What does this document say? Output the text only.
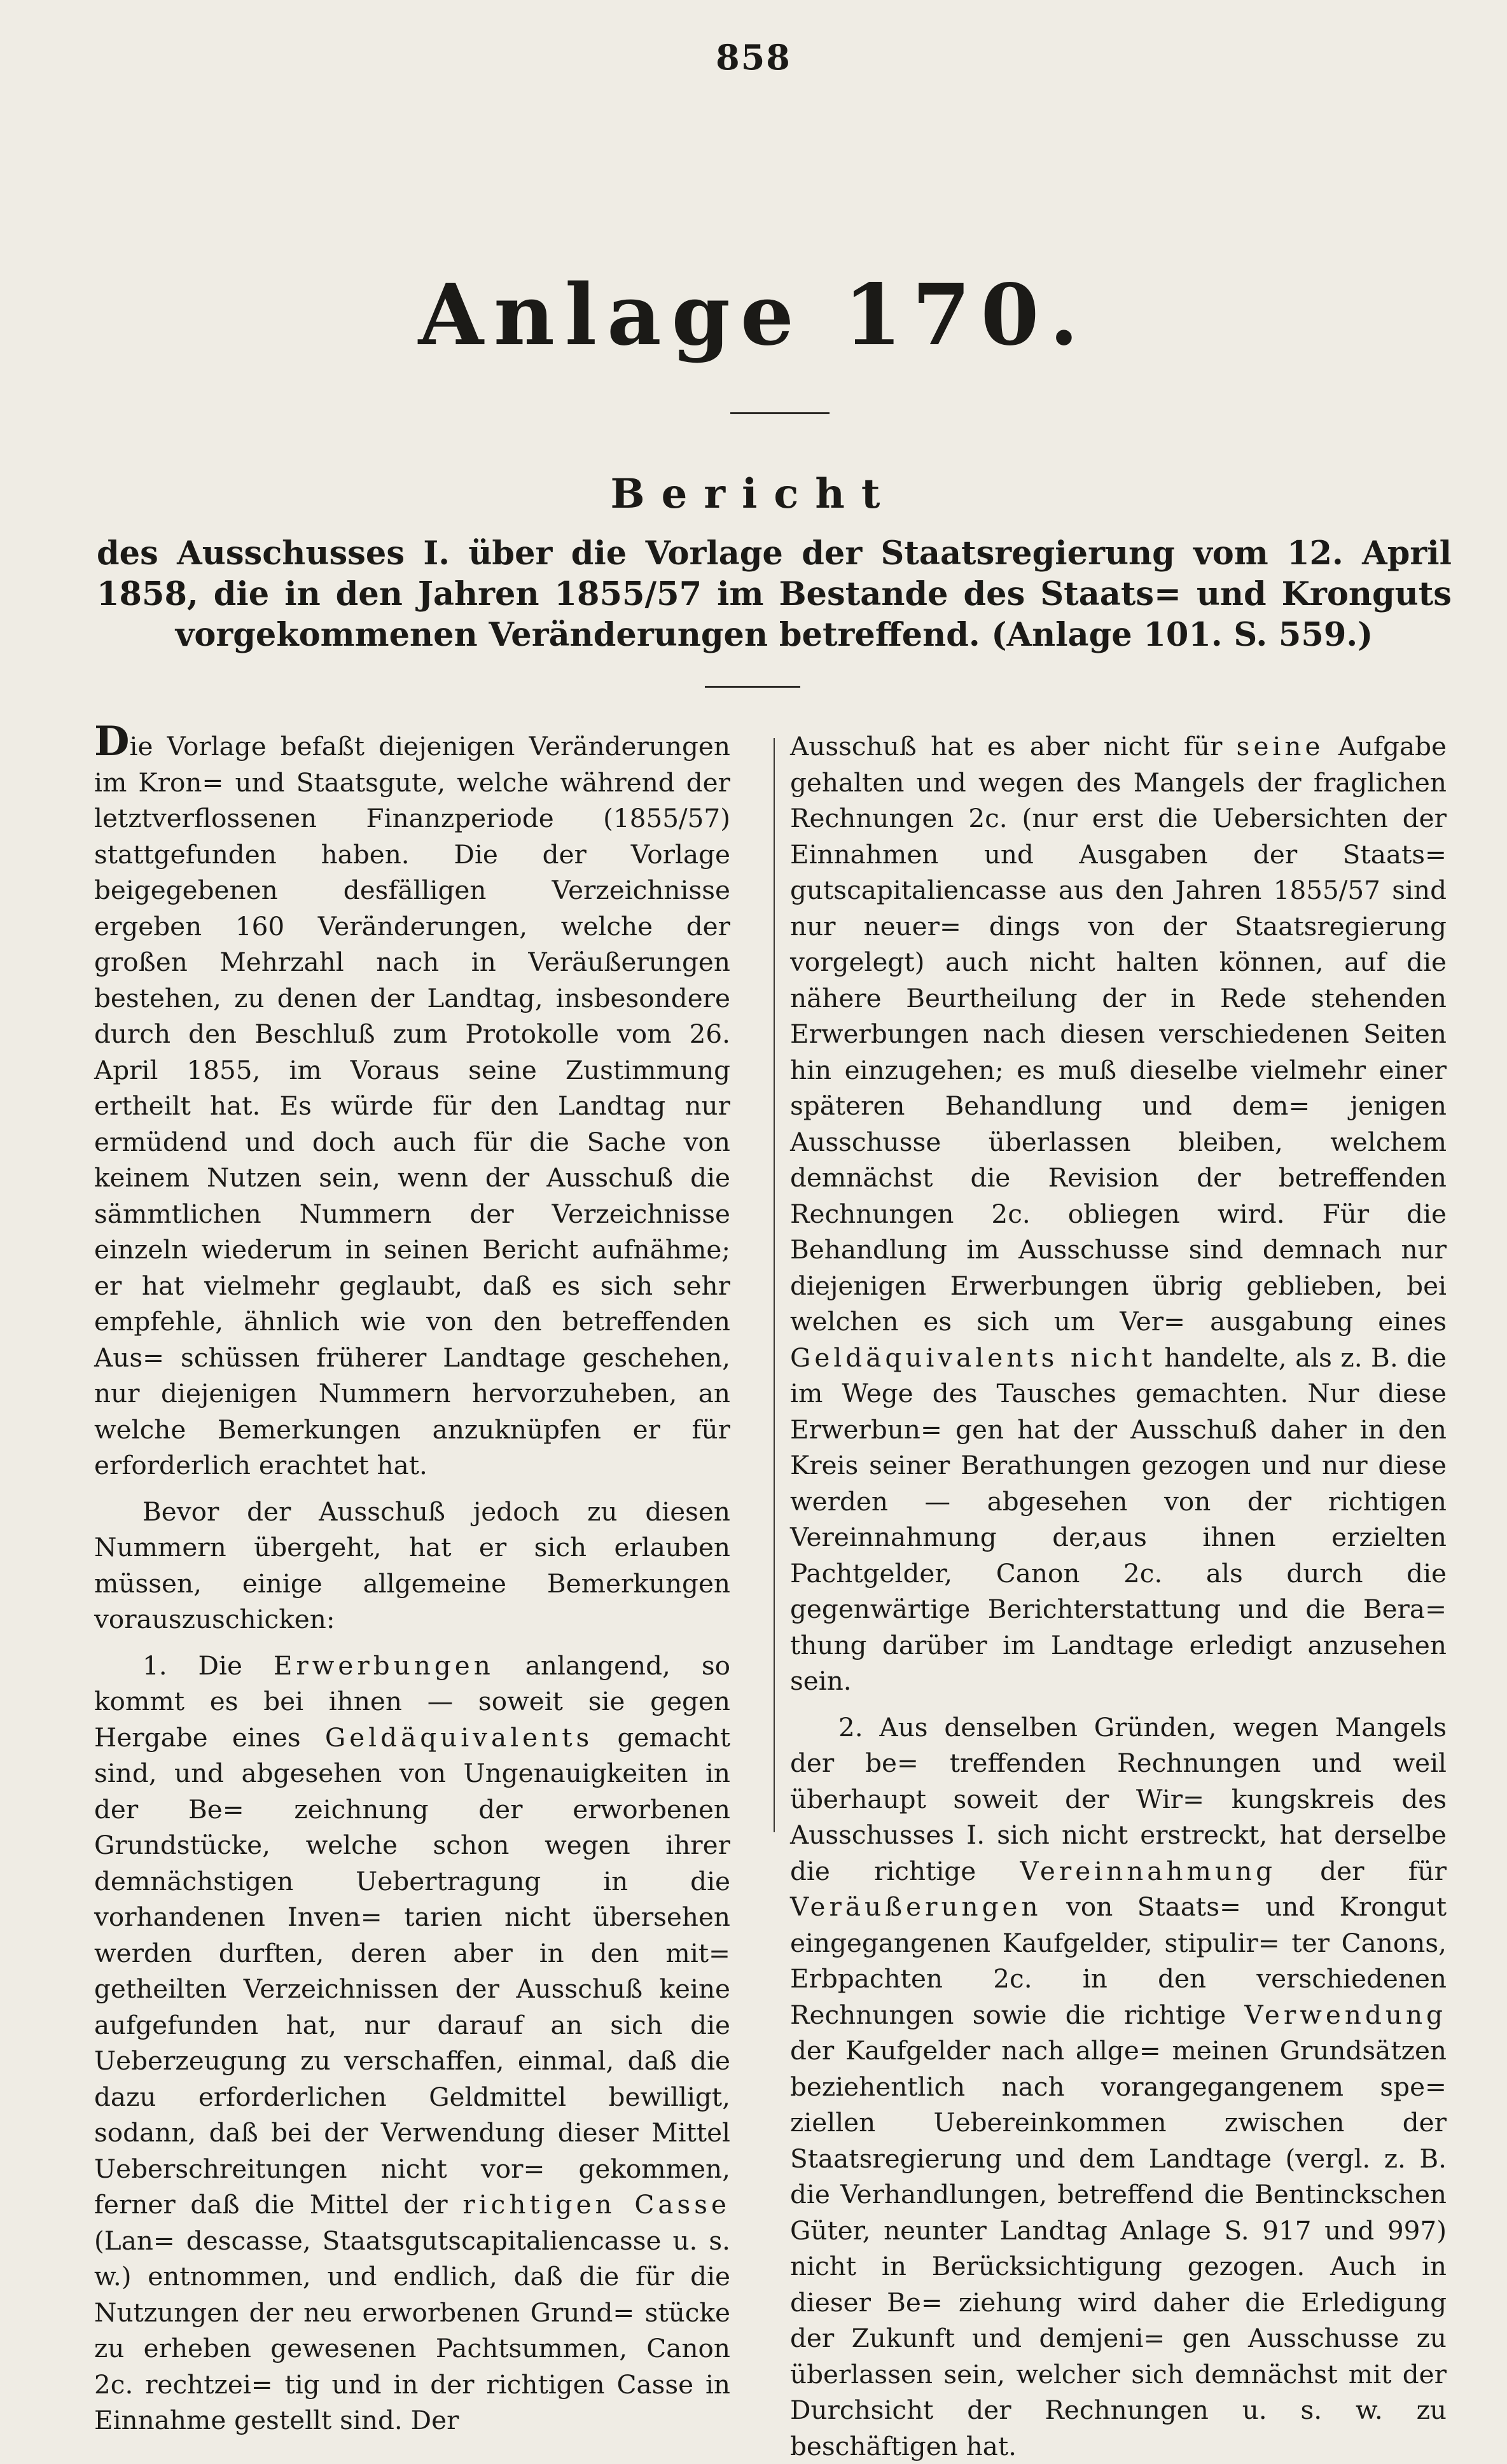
858
Anlage 170.
Bericht
des Ausschusses I. über die Vorlage der Staatsregierung vom 12. April 1858, die in den Jahren 1855/57 im Bestande des Staats= und Kronguts vorgekommenen Veränderungen betreffend. (Anlage 101. S. 559.)

Die Vorlage befaßt diejenigen Veränderungen im Kron= und Staatsgute, welche während der letztverflossenen Finanzperiode (1855/57) stattgefunden haben. Die der Vorlage beigegebenen desfälligen Verzeichnisse ergeben 160 Veränderungen, welche der großen Mehrzahl nach in Veräußerungen bestehen, zu denen der Landtag, insbesondere durch den Beschluß zum Protokolle vom 26. April 1855, im Voraus seine Zustimmung ertheilt hat. Es würde für den Landtag nur ermüdend und doch auch für die Sache von keinem Nutzen sein, wenn der Ausschuß die sämmtlichen Nummern der Verzeichnisse einzeln wiederum in seinen Bericht aufnähme; er hat vielmehr geglaubt, daß es sich sehr empfehle, ähnlich wie von den betreffenden Aus= schüssen früherer Landtage geschehen, nur diejenigen Nummern hervorzuheben, an welche Bemerkungen anzuknüpfen er für erforderlich erachtet hat.

Bevor der Ausschuß jedoch zu diesen Nummern übergeht, hat er sich erlauben müssen, einige allgemeine Bemerkungen vorauszuschicken:

1. Die Erwerbungen anlangend, so kommt es bei ihnen — soweit sie gegen Hergabe eines Geldäquivalents gemacht sind, und abgesehen von Ungenauigkeiten in der Be= zeichnung der erworbenen Grundstücke, welche schon wegen ihrer demnächstigen Uebertragung in die vorhandenen Inven= tarien nicht übersehen werden durften, deren aber in den mit= getheilten Verzeichnissen der Ausschuß keine aufgefunden hat, nur darauf an sich die Ueberzeugung zu verschaffen, einmal, daß die dazu erforderlichen Geldmittel bewilligt, sodann, daß bei der Verwendung dieser Mittel Ueberschreitungen nicht vor= gekommen, ferner daß die Mittel der richtigen Casse (Lan= descasse, Staatsgutscapitaliencasse u. s. w.) entnommen, und endlich, daß die für die Nutzungen der neu erworbenen Grund= stücke zu erheben gewesenen Pachtsummen, Canon 2c. rechtzei= tig und in der richtigen Casse in Einnahme gestellt sind. Der

Ausschuß hat es aber nicht für seine Aufgabe gehalten und wegen des Mangels der fraglichen Rechnungen 2c. (nur erst die Uebersichten der Einnahmen und Ausgaben der Staats= gutscapitaliencasse aus den Jahren 1855/57 sind nur neuer= dings von der Staatsregierung vorgelegt) auch nicht halten können, auf die nähere Beurtheilung der in Rede stehenden Erwerbungen nach diesen verschiedenen Seiten hin einzugehen; es muß dieselbe vielmehr einer späteren Behandlung und dem= jenigen Ausschusse überlassen bleiben, welchem demnächst die Revision der betreffenden Rechnungen 2c. obliegen wird. Für die Behandlung im Ausschusse sind demnach nur diejenigen Erwerbungen übrig geblieben, bei welchen es sich um Ver= ausgabung eines Geldäquivalents nicht handelte, als z. B. die im Wege des Tausches gemachten. Nur diese Erwerbun= gen hat der Ausschuß daher in den Kreis seiner Berathungen gezogen und nur diese werden — abgesehen von der richtigen Vereinnahmung der,aus ihnen erzielten Pachtgelder, Canon 2c. als durch die gegenwärtige Berichterstattung und die Bera= thung darüber im Landtage erledigt anzusehen sein.

2. Aus denselben Gründen, wegen Mangels der be= treffenden Rechnungen und weil überhaupt soweit der Wir= kungskreis des Ausschusses I. sich nicht erstreckt, hat derselbe die richtige Vereinnahmung der für Veräußerungen von Staats= und Krongut eingegangenen Kaufgelder, stipulir= ter Canons, Erbpachten 2c. in den verschiedenen Rechnungen sowie die richtige Verwendung der Kaufgelder nach allge= meinen Grundsätzen beziehentlich nach vorangegangenem spe= ziellen Uebereinkommen zwischen der Staatsregierung und dem Landtage (vergl. z. B. die Verhandlungen, betreffend die Bentinckschen Güter, neunter Landtag Anlage S. 917 und 997) nicht in Berücksichtigung gezogen. Auch in dieser Be= ziehung wird daher die Erledigung der Zukunft und demjeni= gen Ausschusse zu überlassen sein, welcher sich demnächst mit der Durchsicht der Rechnungen u. s. w. zu beschäftigen hat.
